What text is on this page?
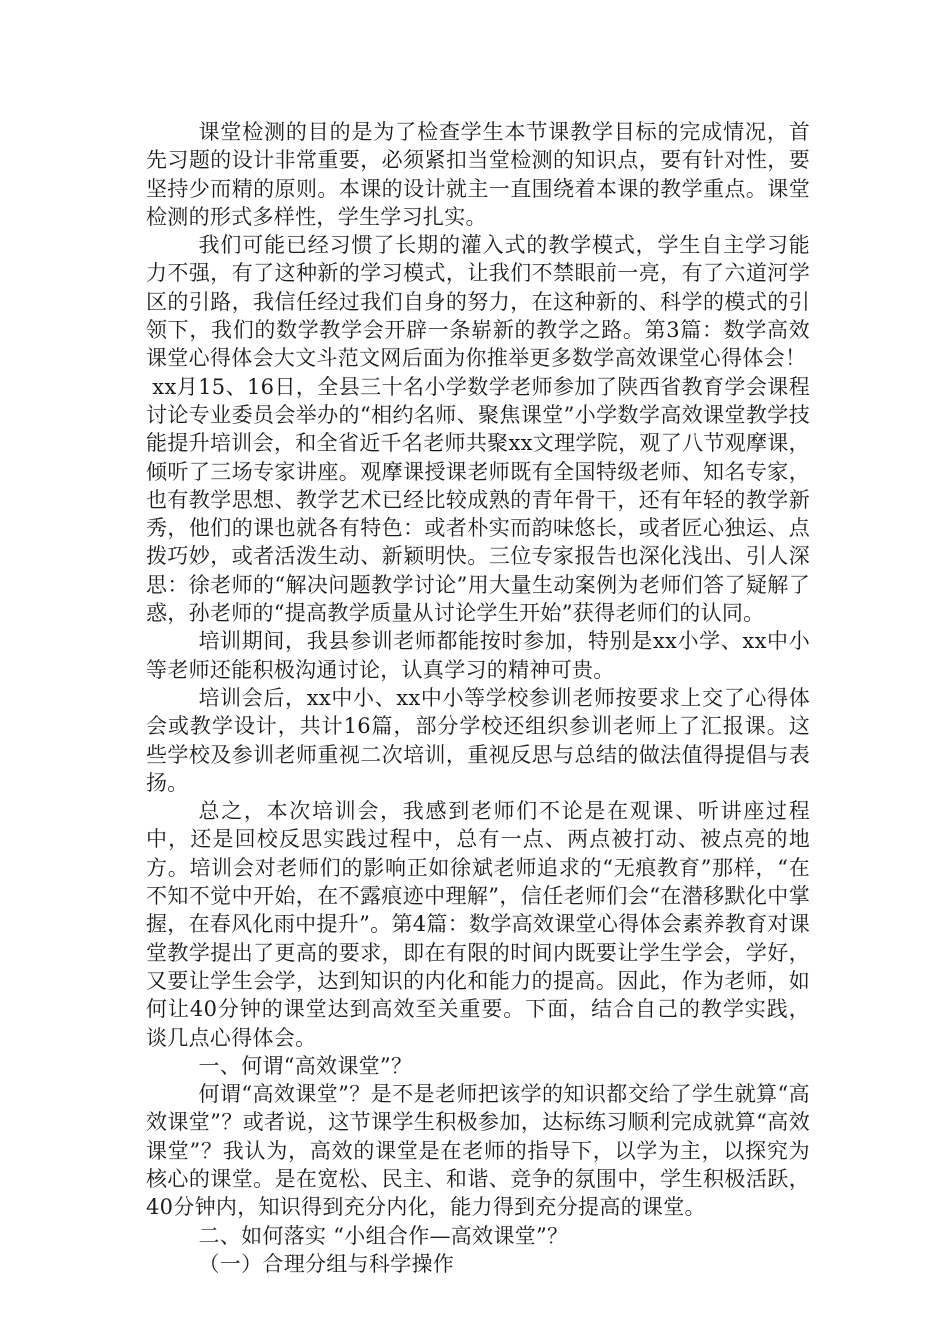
课堂检测的目的是为了检查学生本节课教学目标的完成情况，首先习题的设计非常重要，必须紧扣当堂检测的知识点，要有针对性，要坚持少而精的原则。本课的设计就主一直围绕着本课的教学重点。课堂检测的形式多样性，学生学习扎实。

我们可能已经习惯了长期的灌入式的教学模式，学生自主学习能力不强，有了这种新的学习模式，让我们不禁眼前一亮，有了六道河学区的引路，我信任经过我们自身的努力，在这种新的、科学的模式的引领下，我们的数学教学会开辟一条崭新的教学之路。第3篇：数学高效课堂心得体会大文斗范文网后面为你推举更多数学高效课堂心得体会！

xx月15、16日，全县三十名小学数学老师参加了陕西省教育学会课程讨论专业委员会举办的“相约名师、聚焦课堂”小学数学高效课堂教学技能提升培训会，和全省近千名老师共聚xx文理学院，观了八节观摩课，倾听了三场专家讲座。观摩课授课老师既有全国特级老师、知名专家，也有教学思想、教学艺术已经比较成熟的青年骨干，还有年轻的教学新秀，他们的课也就各有特色：或者朴实而韵味悠长，或者匠心独运、点拨巧妙，或者活泼生动、新颖明快。三位专家报告也深化浅出、引人深思：徐老师的“解决问题教学讨论”用大量生动案例为老师们答了疑解了惑，孙老师的“提高教学质量从讨论学生开始”获得老师们的认同。

培训期间，我县参训老师都能按时参加，特别是xx小学、xx中小等老师还能积极沟通讨论，认真学习的精神可贵。

培训会后，xx中小、xx中小等学校参训老师按要求上交了心得体会或教学设计，共计16篇，部分学校还组织参训老师上了汇报课。这些学校及参训老师重视二次培训，重视反思与总结的做法值得提倡与表扬。

总之，本次培训会，我感到老师们不论是在观课、听讲座过程中，还是回校反思实践过程中，总有一点、两点被打动、被点亮的地方。培训会对老师们的影响正如徐斌老师追求的“无痕教育”那样，“在不知不觉中开始，在不露痕迹中理解”，信任老师们会“在潜移默化中掌握，在春风化雨中提升”。第4篇：数学高效课堂心得体会素养教育对课堂教学提出了更高的要求，即在有限的时间内既要让学生学会，学好，又要让学生会学，达到知识的内化和能力的提高。因此，作为老师，如何让40分钟的课堂达到高效至关重要。下面，结合自己的教学实践，谈几点心得体会。

一、何谓“高效课堂”？

何谓“高效课堂”？是不是老师把该学的知识都交给了学生就算“高效课堂”？或者说，这节课学生积极参加，达标练习顺利完成就算“高效课堂”？我认为，高效的课堂是在老师的指导下，以学为主，以探究为核心的课堂。是在宽松、民主、和谐、竞争的氛围中，学生积极活跃，40分钟内，知识得到充分内化，能力得到充分提高的课堂。

二、如何落实 “小组合作—高效课堂”？

（一）合理分组与科学操作
